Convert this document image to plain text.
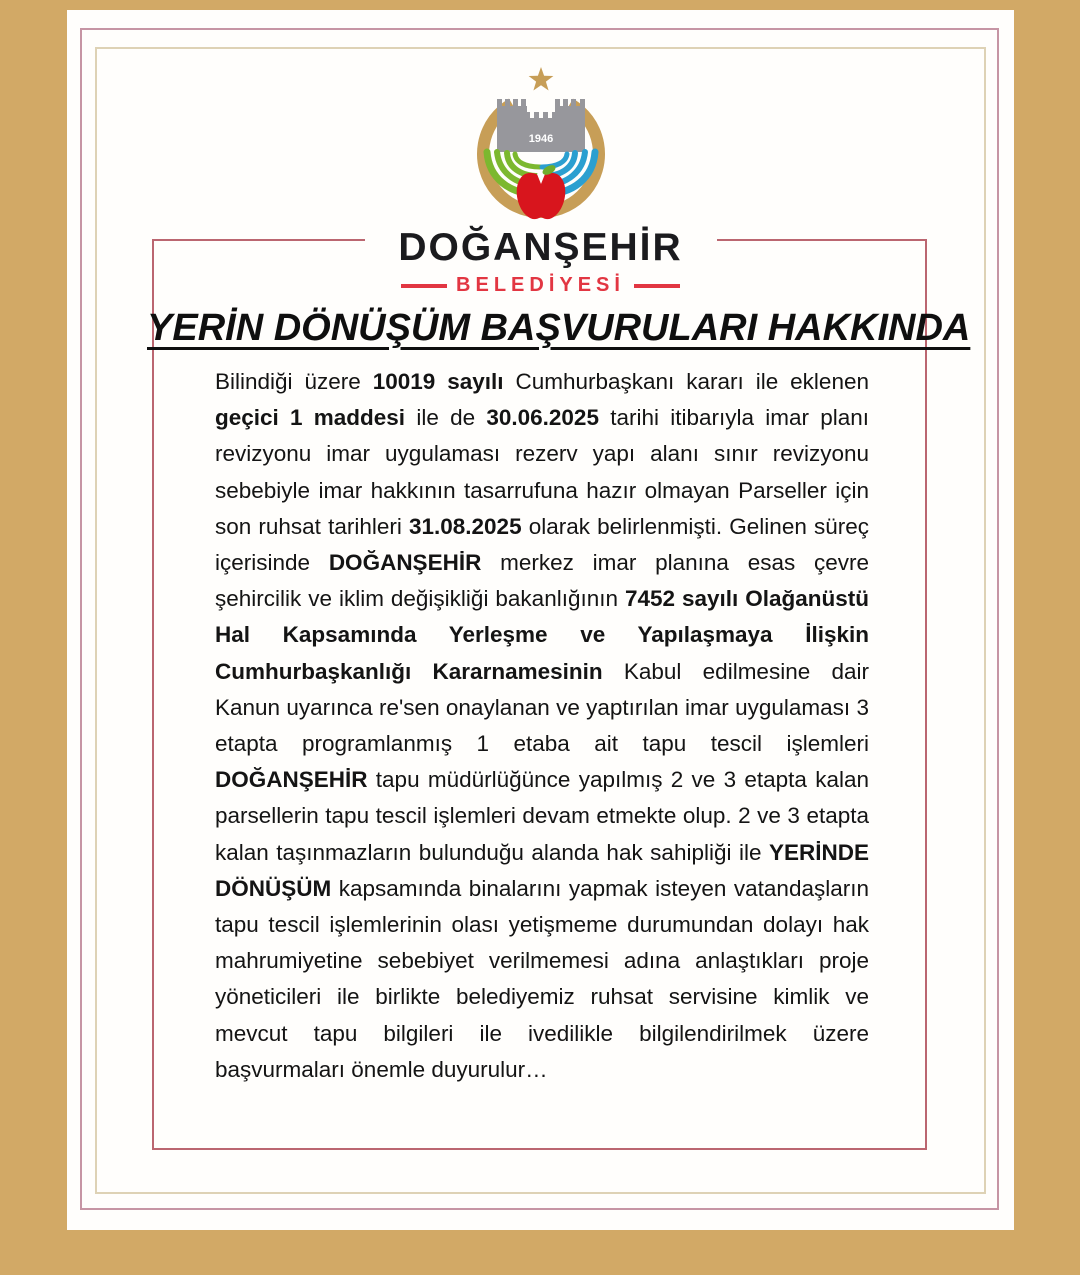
1946
DOĞANŞEHİR
BELEDİYESİ
YERİN DÖNÜŞÜM BAŞVURULARI HAKKINDA
Bilindiği üzere 10019 sayılı Cumhurbaşkanı kararı ile eklenen geçici 1 maddesi ile de 30.06.2025 tarihi itibarıyla imar planı revizyonu imar uygulaması rezerv yapı alanı sınır revizyonu sebebiyle imar hakkının tasarrufuna hazır olmayan Parseller için son ruhsat tarihleri 31.08.2025 olarak belirlenmişti. Gelinen süreç içerisinde DOĞANŞEHİR merkez imar planına esas çevre şehircilik ve iklim değişikliği bakanlığının 7452 sayılı Olağanüstü Hal Kapsamında Yerleşme ve Yapılaşmaya İlişkin Cumhurbaşkanlığı Kararnamesinin Kabul edilmesine dair Kanun uyarınca re'sen onaylanan ve yaptırılan imar uygulaması 3 etapta programlanmış 1 etaba ait tapu tescil işlemleri DOĞANŞEHİR tapu müdürlüğünce yapılmış 2 ve 3 etapta kalan parsellerin tapu tescil işlemleri devam etmekte olup. 2 ve 3 etapta kalan taşınmazların bulunduğu alanda hak sahipliği ile YERİNDE DÖNÜŞÜM kapsamında binalarını yapmak isteyen vatandaşların tapu tescil işlemlerinin olası yetişmeme durumundan dolayı hak mahrumiyetine sebebiyet verilmemesi adına anlaştıkları proje yöneticileri ile birlikte belediyemiz ruhsat servisine kimlik ve mevcut tapu bilgileri ile ivedilikle bilgilendirilmek üzere başvurmaları önemle duyurulur…
